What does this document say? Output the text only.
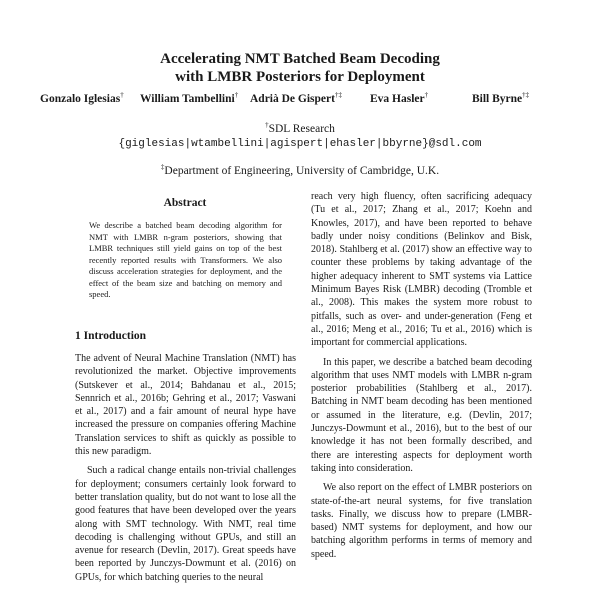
Accelerating NMT Batched Beam Decoding
with LMBR Posteriors for Deployment
Gonzalo Iglesias† William Tambellini† Adrià De Gispert†‡ Eva Hasler†	Bill Byrne†‡
†SDL Research
{giglesias|wtambellini|agispert|ehasler|bbyrne}@sdl.com
‡Department of Engineering, University of Cambridge, U.K.
Abstract

We describe a batched beam decoding algorithm for NMT with LMBR n-gram posteriors, showing that LMBR techniques still yield gains on top of the best recently reported results with Transformers. We also discuss acceleration strategies for deployment, and the effect of the beam size and batching on memory and speed.

1 Introduction

The advent of Neural Machine Translation (NMT) has revolutionized the market. Objective improvements (Sutskever et al., 2014; Bahdanau et al., 2015; Sennrich et al., 2016b; Gehring et al., 2017; Vaswani et al., 2017) and a fair amount of neural hype have increased the pressure on companies offering Machine Translation services to shift as quickly as possible to this new paradigm.

Such a radical change entails non-trivial challenges for deployment; consumers certainly look forward to better translation quality, but do not want to lose all the good features that have been developed over the years along with SMT technology. With NMT, real time decoding is challenging without GPUs, and still an avenue for research (Devlin, 2017). Great speeds have been reported by Junczys-Dowmunt et al. (2016) on GPUs, for which batching queries to the neural

reach very high fluency, often sacrificing adequacy (Tu et al., 2017; Zhang et al., 2017; Koehn and Knowles, 2017), and have been reported to behave badly under noisy conditions (Belinkov and Bisk, 2018). Stahlberg et al. (2017) show an effective way to counter these problems by taking advantage of the higher adequacy inherent to SMT systems via Lattice Minimum Bayes Risk (LMBR) decoding (Tromble et al., 2008). This makes the system more robust to pitfalls, such as over- and under-generation (Feng et al., 2016; Meng et al., 2016; Tu et al., 2016) which is important for commercial applications.

In this paper, we describe a batched beam decoding algorithm that uses NMT models with LMBR n-gram posterior probabilities (Stahlberg et al., 2017). Batching in NMT beam decoding has been mentioned or assumed in the literature, e.g. (Devlin, 2017; Junczys-Dowmunt et al., 2016), but to the best of our knowledge it has not been formally described, and there are interesting aspects for deployment worth taking into consideration.

We also report on the effect of LMBR posteriors on state-of-the-art neural systems, for five translation tasks. Finally, we discuss how to prepare (LMBR-based) NMT systems for deployment, and how our batching algorithm performs in terms of memory and speed.
